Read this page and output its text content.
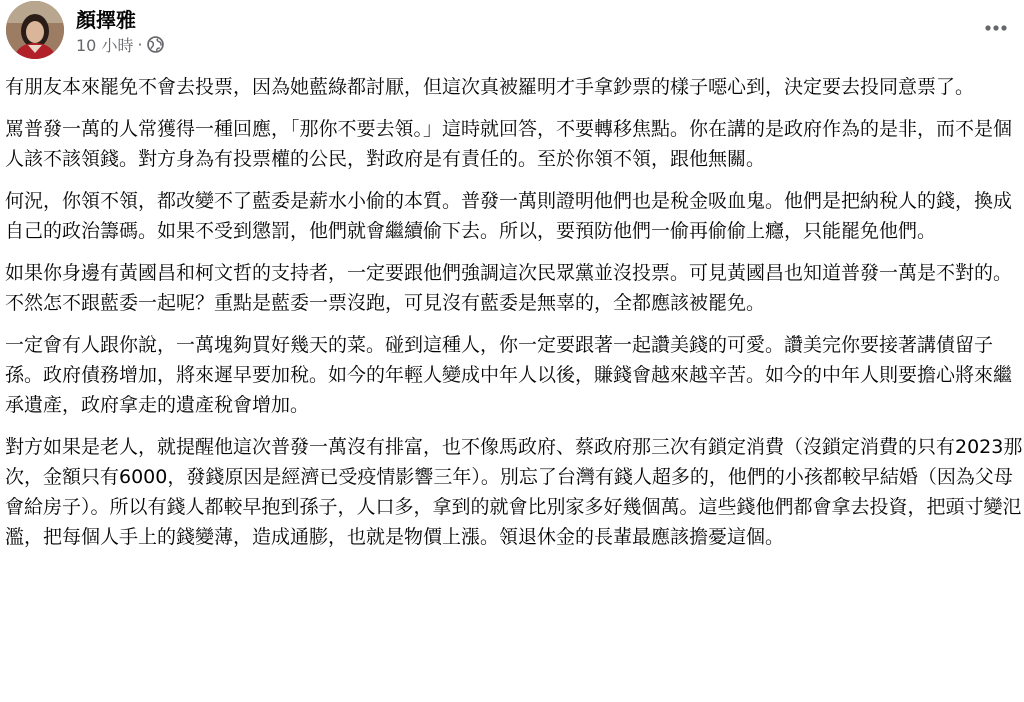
顏擇雅
10 小時 ·

有朋友本來罷免不會去投票，因為她藍綠都討厭，但這次真被羅明才手拿鈔票的樣子噁心到，決定要去投同意票了。

罵普發一萬的人常獲得一種回應，「那你不要去領。」這時就回答，不要轉移焦點。你在講的是政府作為的是非，而不是個人該不該領錢。對方身為有投票權的公民，對政府是有責任的。至於你領不領，跟他無關。

何況，你領不領，都改變不了藍委是薪水小偷的本質。普發一萬則證明他們也是稅金吸血鬼。他們是把納稅人的錢，換成自己的政治籌碼。如果不受到懲罰，他們就會繼續偷下去。所以，要預防他們一偷再偷偷上癮，只能罷免他們。

如果你身邊有黃國昌和柯文哲的支持者，一定要跟他們強調這次民眾黨並沒投票。可見黃國昌也知道普發一萬是不對的。不然怎不跟藍委一起呢？重點是藍委一票沒跑，可見沒有藍委是無辜的，全都應該被罷免。

一定會有人跟你說，一萬塊夠買好幾天的菜。碰到這種人，你一定要跟著一起讚美錢的可愛。讚美完你要接著講債留子孫。政府債務增加，將來遲早要加稅。如今的年輕人變成中年人以後，賺錢會越來越辛苦。如今的中年人則要擔心將來繼承遺產，政府拿走的遺產稅會增加。

對方如果是老人，就提醒他這次普發一萬沒有排富，也不像馬政府、蔡政府那三次有鎖定消費（沒鎖定消費的只有2023那次，金額只有6000，發錢原因是經濟已受疫情影響三年）。別忘了台灣有錢人超多的，他們的小孩都較早結婚（因為父母會給房子）。所以有錢人都較早抱到孫子，人口多，拿到的就會比別家多好幾個萬。這些錢他們都會拿去投資，把頭寸變氾濫，把每個人手上的錢變薄，造成通膨，也就是物價上漲。領退休金的長輩最應該擔憂這個。
